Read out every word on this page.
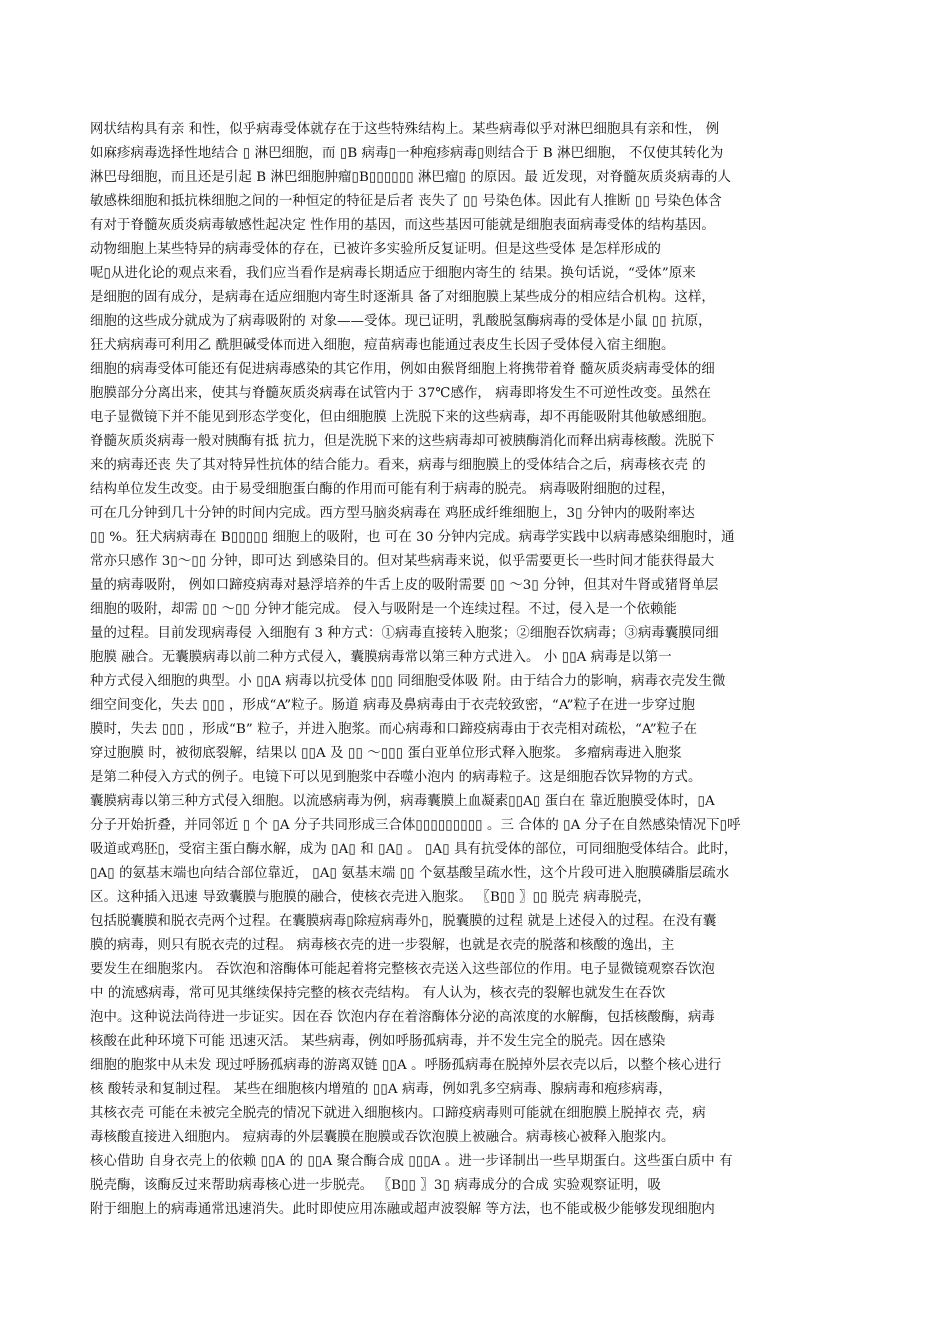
网状结构具有亲 和性，似乎病毒受体就存在于这些特殊结构上。某些病毒似乎对淋巴细胞具有亲和性， 例
如麻疹病毒选择性地结合 ▯ 淋巴细胞，而 ▯B 病毒▯一种疱疹病毒▯则结合于 B 淋巴细胞， 不仅使其转化为
淋巴母细胞，而且还是引起 B 淋巴细胞肿瘤▯B▯▯▯▯▯▯ 淋巴瘤▯ 的原因。最 近发现，对脊髓灰质炎病毒的人
敏感株细胞和抵抗株细胞之间的一种恒定的特征是后者 丧失了 ▯▯ 号染色体。因此有人推断 ▯▯ 号染色体含
有对于脊髓灰质炎病毒敏感性起决定 性作用的基因，而这些基因可能就是细胞表面病毒受体的结构基因。
动物细胞上某些特异的病毒受体的存在，已被许多实验所反复证明。但是这些受体 是怎样形成的
呢▯从进化论的观点来看，我们应当看作是病毒长期适应于细胞内寄生的 结果。换句话说，“受体”原来
是细胞的固有成分，是病毒在适应细胞内寄生时逐渐具 备了对细胞膜上某些成分的相应结合机构。这样，
细胞的这些成分就成为了病毒吸附的 对象——受体。现已证明，乳酸脱氢酶病毒的受体是小鼠 ▯▯ 抗原，
狂犬病病毒可利用乙 酰胆碱受体而进入细胞，痘苗病毒也能通过表皮生长因子受体侵入宿主细胞。
细胞的病毒受体可能还有促进病毒感染的其它作用，例如由猴肾细胞上将携带着脊 髓灰质炎病毒受体的细
胞膜部分分离出来，使其与脊髓灰质炎病毒在试管内于 37℃感作， 病毒即将发生不可逆性改变。虽然在
电子显微镜下并不能见到形态学变化，但由细胞膜 上洗脱下来的这些病毒，却不再能吸附其他敏感细胞。
脊髓灰质炎病毒一般对胰酶有抵 抗力，但是洗脱下来的这些病毒却可被胰酶消化而释出病毒核酸。洗脱下
来的病毒还丧 失了其对特异性抗体的结合能力。看来，病毒与细胞膜上的受体结合之后，病毒核衣壳 的
结构单位发生改变。由于易受细胞蛋白酶的作用而可能有利于病毒的脱壳。 病毒吸附细胞的过程，
可在几分钟到几十分钟的时间内完成。西方型马脑炎病毒在 鸡胚成纤维细胞上，3▯ 分钟内的吸附率达
▯▯ %。狂犬病病毒在 B▯▯▯▯▯ 细胞上的吸附，也 可在 30 分钟内完成。病毒学实践中以病毒感染细胞时，通
常亦只感作 3▯～▯▯ 分钟，即可达 到感染目的。但对某些病毒来说，似乎需要更长一些时间才能获得最大
量的病毒吸附， 例如口蹄疫病毒对悬浮培养的牛舌上皮的吸附需要 ▯▯ ～3▯ 分钟，但其对牛肾或猪肾单层
细胞的吸附，却需 ▯▯ ～▯▯ 分钟才能完成。 侵入与吸附是一个连续过程。不过，侵入是一个依赖能
量的过程。目前发现病毒侵 入细胞有 3 种方式：①病毒直接转入胞浆；②细胞吞饮病毒；③病毒囊膜同细
胞膜 融合。无囊膜病毒以前二种方式侵入，囊膜病毒常以第三种方式进入。 小 ▯▯A 病毒是以第一
种方式侵入细胞的典型。小 ▯▯A 病毒以抗受体 ▯▯▯ 同细胞受体吸 附。由于结合力的影响，病毒衣壳发生微
细空间变化，失去 ▯▯▯ ，形成“A”粒子。肠道 病毒及鼻病毒由于衣壳较致密，“A”粒子在进一步穿过胞
膜时，失去 ▯▯▯ ，形成“B” 粒子，并进入胞浆。而心病毒和口蹄疫病毒由于衣壳相对疏松，“A”粒子在
穿过胞膜 时，被彻底裂解，结果以 ▯▯A 及 ▯▯ ～▯▯▯ 蛋白亚单位形式释入胞浆。 多瘤病毒进入胞浆
是第二种侵入方式的例子。电镜下可以见到胞浆中吞噬小泡内 的病毒粒子。这是细胞吞饮异物的方式。
囊膜病毒以第三种方式侵入细胞。以流感病毒为例，病毒囊膜上血凝素▯▯A▯ 蛋白在 靠近胞膜受体时，▯A
分子开始折叠，并同邻近 ▯ 个 ▯A 分子共同形成三合体▯▯▯▯▯▯▯▯▯ 。三 合体的 ▯A 分子在自然感染情况下▯呼
吸道或鸡胚▯，受宿主蛋白酶水解，成为 ▯A▯ 和 ▯A▯ 。 ▯A▯ 具有抗受体的部位，可同细胞受体结合。此时，
▯A▯ 的氨基末端也向结合部位靠近， ▯A▯ 氨基末端 ▯▯ 个氨基酸呈疏水性，这个片段可进入胞膜磷脂层疏水
区。这种插入迅速 导致囊膜与胞膜的融合，使核衣壳进入胞浆。 〖B▯▯ 〗▯▯ 脱壳 病毒脱壳，
包括脱囊膜和脱衣壳两个过程。在囊膜病毒▯除痘病毒外▯，脱囊膜的过程 就是上述侵入的过程。在没有囊
膜的病毒，则只有脱衣壳的过程。 病毒核衣壳的进一步裂解，也就是衣壳的脱落和核酸的逸出，主
要发生在细胞浆内。 吞饮泡和溶酶体可能起着将完整核衣壳送入这些部位的作用。电子显微镜观察吞饮泡
中 的流感病毒，常可见其继续保持完整的核衣壳结构。 有人认为，核衣壳的裂解也就发生在吞饮
泡中。这种说法尚待进一步证实。因在吞 饮泡内存在着溶酶体分泌的高浓度的水解酶，包括核酸酶，病毒
核酸在此种环境下可能 迅速灭活。 某些病毒，例如呼肠孤病毒，并不发生完全的脱壳。因在感染
细胞的胞浆中从未发 现过呼肠孤病毒的游离双链 ▯▯A 。呼肠孤病毒在脱掉外层衣壳以后，以整个核心进行
核 酸转录和复制过程。 某些在细胞核内增殖的 ▯▯A 病毒，例如乳多空病毒、腺病毒和疱疹病毒，
其核衣壳 可能在未被完全脱壳的情况下就进入细胞核内。口蹄疫病毒则可能就在细胞膜上脱掉衣 壳，病
毒核酸直接进入细胞内。 痘病毒的外层囊膜在胞膜或吞饮泡膜上被融合。病毒核心被释入胞浆内。
核心借助 自身衣壳上的依赖 ▯▯A 的 ▯▯A 聚合酶合成 ▯▯▯A 。进一步译制出一些早期蛋白。这些蛋白质中 有
脱壳酶，该酶反过来帮助病毒核心进一步脱壳。 〖B▯▯ 〗3▯ 病毒成分的合成 实验观察证明，吸
附于细胞上的病毒通常迅速消失。此时即使应用冻融或超声波裂解 等方法，也不能或极少能够发现细胞内
